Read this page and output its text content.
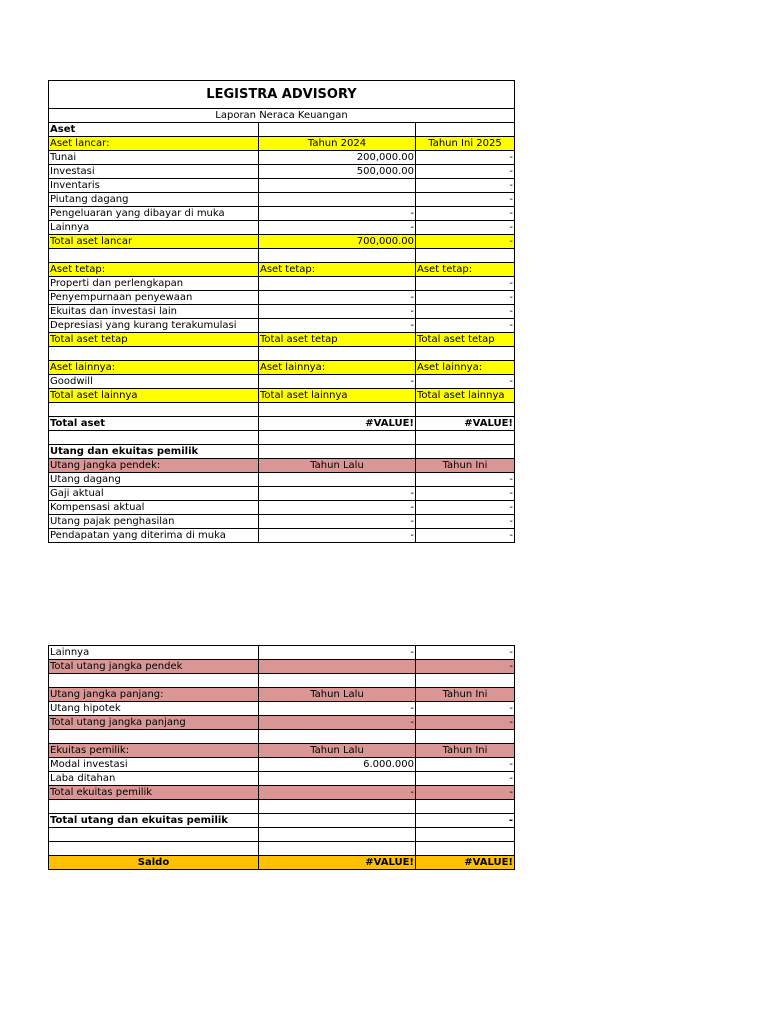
LEGISTRA ADVISORY		
Laporan Neraca Keuangan		
Aset		
Aset lancar:	Tahun 2024	Tahun Ini 2025
Tunai	200,000.00	-
Investasi	500,000.00	-
Inventaris		-
Piutang dagang		-
Pengeluaran yang dibayar di muka	-	-
Lainnya	-	-
Total aset lancar	700,000.00	-

Aset tetap:	Aset tetap:	Aset tetap:
Properti dan perlengkapan		-
Penyempurnaan penyewaan	-	-
Ekuitas dan investasi lain	-	-
Depresiasi yang kurang terakumulasi	-	-
Total aset tetap	Total aset tetap	Total aset tetap

Aset lainnya:	Aset lainnya:	Aset lainnya:
Goodwill	-	-
Total aset lainnya	Total aset lainnya	Total aset lainnya

Total aset	#VALUE!	#VALUE!

Utang dan ekuitas pemilik		
Utang jangka pendek:	Tahun Lalu	Tahun Ini
Utang dagang		-
Gaji aktual	-	-
Kompensasi aktual	-	-
Utang pajak penghasilan	-	-
Pendapatan yang diterima di muka	-	-
Lainnya	-	-
Total utang jangka pendek		-

Utang jangka panjang:	Tahun Lalu	Tahun Ini
Utang hipotek	-	-
Total utang jangka panjang	-	-

Ekuitas pemilik:	Tahun Lalu	Tahun Ini
Modal investasi	6.000.000	-
Laba ditahan		-
Total ekuitas pemilik	-	-

Total utang dan ekuitas pemilik		-

Saldo	#VALUE!	#VALUE!
